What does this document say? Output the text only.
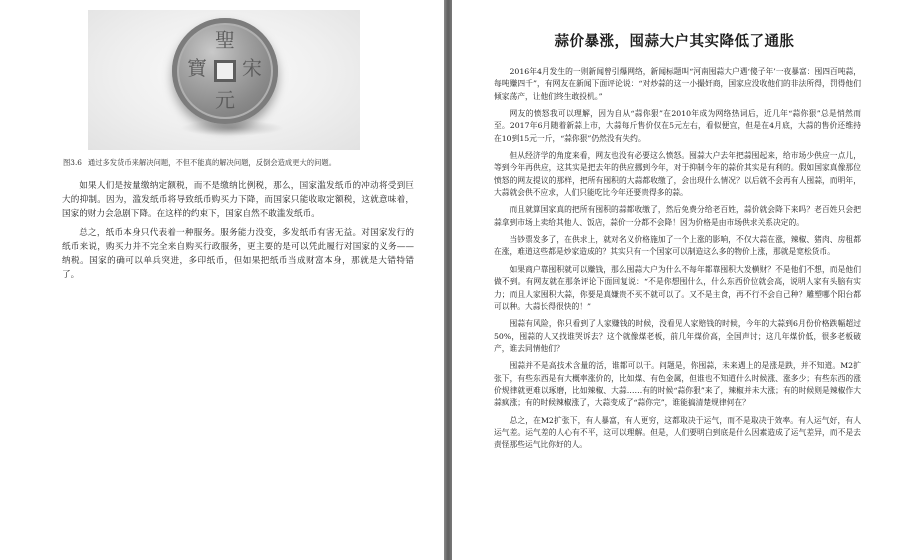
聖
宋
元
寶
图3.6 通过多发货币来解决问题，不但不能真的解决问题，反倒会造成更大的问题。

如果人们是按量缴纳定额税，而不是缴纳比例税，那么，国家滥发纸币的冲动将受到巨大的抑制。因为，滥发纸币将导致纸币购买力下降，而国家只能收取定额税，这就意味着，国家的财力会急剧下降。在这样的约束下，国家自然不敢滥发纸币。

总之，纸币本身只代表着一种服务。服务能力没变，多发纸币有害无益。对国家发行的纸币来说，购买力并不完全来自购买行政服务，更主要的是可以凭此履行对国家的义务——纳税。国家的确可以单兵突进，多印纸币，但如果把纸币当成财富本身，那就是大错特错了。

蒜价暴涨，囤蒜大户其实降低了通胀

2016年4月发生的一则新闻曾引爆网络，新闻标题叫“河南囤蒜大户遇‘傻子年’一夜暴富：囤四百吨蒜，每吨赚四千”，有网友在新闻下面评论说：“对炒蒜的这一小撮奸商，国家应没收他们的非法所得，罚得他们倾家荡产，让他们终生敢投机。”

网友的愤怒我可以理解，因为自从“蒜你狠”在2010年成为网络热词后，近几年“蒜你狠”总是悄然而至。2017年6月随着新蒜上市，大蒜每斤售价仅在5元左右，看似便宜，但是在4月底，大蒜的售价还维持在10到15元一斤，“蒜你狠”仍然没有失约。

但从经济学的角度来看，网友也没有必要这么愤怒。囤蒜大户去年把蒜囤起来，给市场少供应一点儿，等到今年再供应，这其实是把去年的供应挪到今年，对于抑制今年的蒜价其实是有利的。假如国家真像那位愤怒的网友提议的那样，把所有囤积的大蒜都收缴了，会出现什么情况？以后就不会再有人囤蒜，而明年，大蒜就会供不应求，人们只能吃比今年还要贵得多的蒜。

而且就算国家真的把所有囤积的蒜都收缴了，然后免费分给老百姓，蒜价就会降下来吗？老百姓只会把蒜拿到市场上卖给其他人、饭店，蒜价一分都不会降！因为价格是由市场供求关系决定的。

当钞票发多了，在供求上，就对名义价格施加了一个上涨的影响，不仅大蒜在涨，辣椒、猪肉、房租都在涨，难道这些都是炒家造成的？其实只有一个国家可以制造这么多的物价上涨，那就是宽松货币。

如果商户靠囤积就可以赚钱，那么囤蒜大户为什么不每年都靠囤积大发横财？不是他们不想，而是他们做不到。有网友就在那条评论下面回复说：“不是你想囤什么，什么东西价位就会高，说明人家有头脑有实力；而且人家囤积大蒜，你要是真嫌贵不买不就可以了。又不是主食，再不行不会自己种？雕塑哪个阳台都可以种。大蒜长得很快的！”

囤蒜有风险，你只看到了人家赚钱的时候，没看见人家赔钱的时候，今年的大蒜到6月份价格跌幅超过50%，囤蒜的人又找谁哭诉去？这个就像煤老板，前几年煤价高，全国声讨；这几年煤价低，很多老板破产，谁去同情他们？

囤蒜并不是高技术含量的活，谁都可以干。问题是，你囤蒜，未来遇上的是涨是跌，并不知道。M2扩张下，有些东西是有大概率涨价的，比如煤、有色金属，但谁也不知道什么时候涨、涨多少；有些东西的涨价规律就更难以琢磨，比如辣椒、大蒜……有的时候“蒜你狠”来了，辣椒并未大涨；有的时候则是辣椒作大蒜疯涨；有的时候辣椒涨了，大蒜变成了“蒜你完”，谁能搞清楚规律何在？

总之，在M2扩张下，有人暴富，有人更穷，这都取决于运气，而不是取决于效率。有人运气好，有人运气差。运气差的人心有不平，这可以理解。但是，人们要明白到底是什么因素造成了运气差异，而不是去责怪那些运气比你好的人。
